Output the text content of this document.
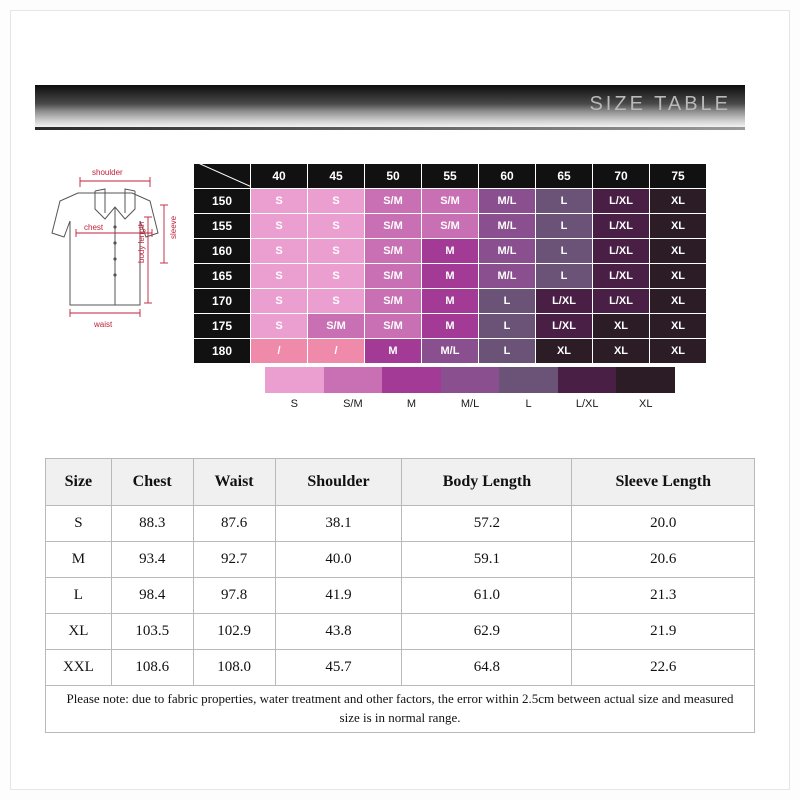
SIZE TABLE
shoulder
chest
waist
sleeve
body length
	40	45	50	55	60	65	70	75
150	S	S	S/M	S/M	M/L	L	L/XL	XL
155	S	S	S/M	S/M	M/L	L	L/XL	XL
160	S	S	S/M	M	M/L	L	L/XL	XL
165	S	S	S/M	M	M/L	L	L/XL	XL
170	S	S	S/M	M	L	L/XL	L/XL	XL
175	S	S/M	S/M	M	L	L/XL	XL	XL
180	/	/	M	M/L	L	XL	XL	XL
S	S/M	M	M/L	L	L/XL	XL
Size	Chest	Waist	Shoulder	Body Length	Sleeve Length
S	88.3	87.6	38.1	57.2	20.0
M	93.4	92.7	40.0	59.1	20.6
L	98.4	97.8	41.9	61.0	21.3
XL	103.5	102.9	43.8	62.9	21.9
XXL	108.6	108.0	45.7	64.8	22.6
Please note: due to fabric properties, water treatment and other factors, the error within 2.5cm between actual size and measured size is in normal range.					
